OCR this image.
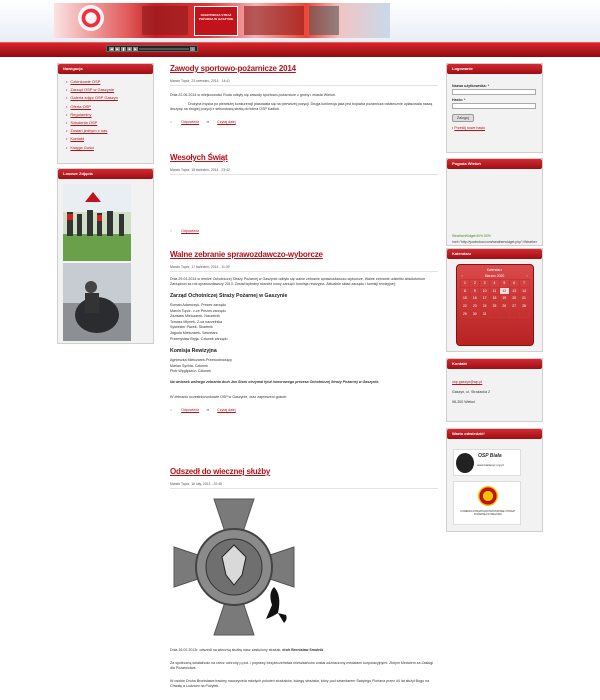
OCHOTNICZA STRAŻ POŻARNA W GASZYNIE
◀	▶	❚	■	▶	♪
Nawigacja
• Człónkowie OSP
• Zarząd OSP w Gaszynie
• Galeria zdjęć OSP Gaszyn
• Oferta OSP
• Regulaminy
• Szkolenia OSP
• Zostań jednym z nas
• Kontakt
• Księga Gości
Losowe Zdjęcia
Zawody sportowo-pożarnicze 2014
Marcin Topór, 23 czerwiec, 2014 - 14:41

Dnia 22.06.2014 w miejscowości Ruda odbyły się zawody sportowo-pożarnicze z gminy i miasta Wieluń.

Drużyna męska po pierwszej konkurencji plasowała się na pierwszej pozycji. Druga konkrecja jaka jest bojówka pożarnicza ostatecznie uplasowała naszą drużynę na drugiej pozycji z sekundową stratą do lidera OSP Kadłub.

◌ Odpowiedz ➔ Czytaj dalej
Wesołych Świąt
Marcin Topór, 18 kwiecień, 2014 - 23:42
◌ Odpowiedz
Walne zebranie sprawozdawczo-wyborcze
Marcin Topór, 17 kwiecień, 2014 - 11:39

Dnia 29.03.2014 w remize Ochotniczej Straży Pożarnej w Gaszynie odbyło się walne zebranie sprawozdawczo-wyborcze. Walne zebranie udzieliło absolutorium Zarządowi za rok sprawozdawczy 2013. Został wybrany również nowy zarząd i komisja rewizyjna. Aktualnie skład zarządu i komisji rewizyjnej:

Zarząd Ochotniczej Straży Pożarnej w Gaszynie

Roman Adamczyk- Prezes zarządu

Marcin Topór- v-ce Prezes zarządu

Zdzisław Mielczarek- Naczelnik

Tomasz Młynek- Z-ca naczelnika

Sylwester Pacek- Skarbnik

Jagoda Mielczarek- Sekretarz

Przemysław Bryja- Członek zarządu

Komisja Rewizyjna

Agnieszka Mielczarek-Przewodniczący

Marian Sychla- Członek

Piotr Węgłęszcz- Członek

Na wniosek walnego zebrania druh Jan Sisek otrzymał tytuł honorowego prezesa Ochotniczej Straży Pożarnej w Gaszynie.

W zebraniu uczestniczonkowie OSP w Gaszynie, oraz zaproszeni goście:

◌ Odpowiedz ➔ Czytaj dalej
Odszedł do wiecznej służby
Marcin Topór, 16 luty, 2013 - 20:45

Dnia 16.02.2013r. odszedł na wieczną służbę nasz zasłużony strażak, druh Bronisław Smolnik

Za społeczną działalność na rzecz ochrony p.poż. i poprawy bezpieczeństwa mieszkańców został odznaczony medalami korporacyjnymi: Złotym Medalem za Zasługi dla Pożarnictwa.

W osobie Druha Bronisława tracimy nauczyciela młodych pokoleń strażaków, kolegę strażaka, który pod sztandarem Świętego Floriana przez 44 lat służył Bogu na Chwałę a Ludziom na Pożytek.

Logowanie
Nazwa użytkownika: *
Hasło: *
Zaloguj
• Prześlij nowe hasło
Pogoda Wieluń
WeatherWidget:60% 50%
href="http://yowindow.com/weatherwidget.php">Weather
Kalendarz
Kalendarz
‹	Marzec 2020	›
1	2	3	4	5	6	7
8	9	10	11	12	13	14
15	16	17	18	19	20	21
22	23	24	25	26	27	28
29	30	31				
Kontakt
osp.gaszyn@wp.pl
Gaszyn, ul. Strażacka 2
98-300 Wieluń
Warto odwiedzić!
OSP Biała
www.bialaosp.org.pl
KOMENDA POWIATOWA PAŃSTWOWEJ STRAŻY POŻARNEJ W WIELUNIU
